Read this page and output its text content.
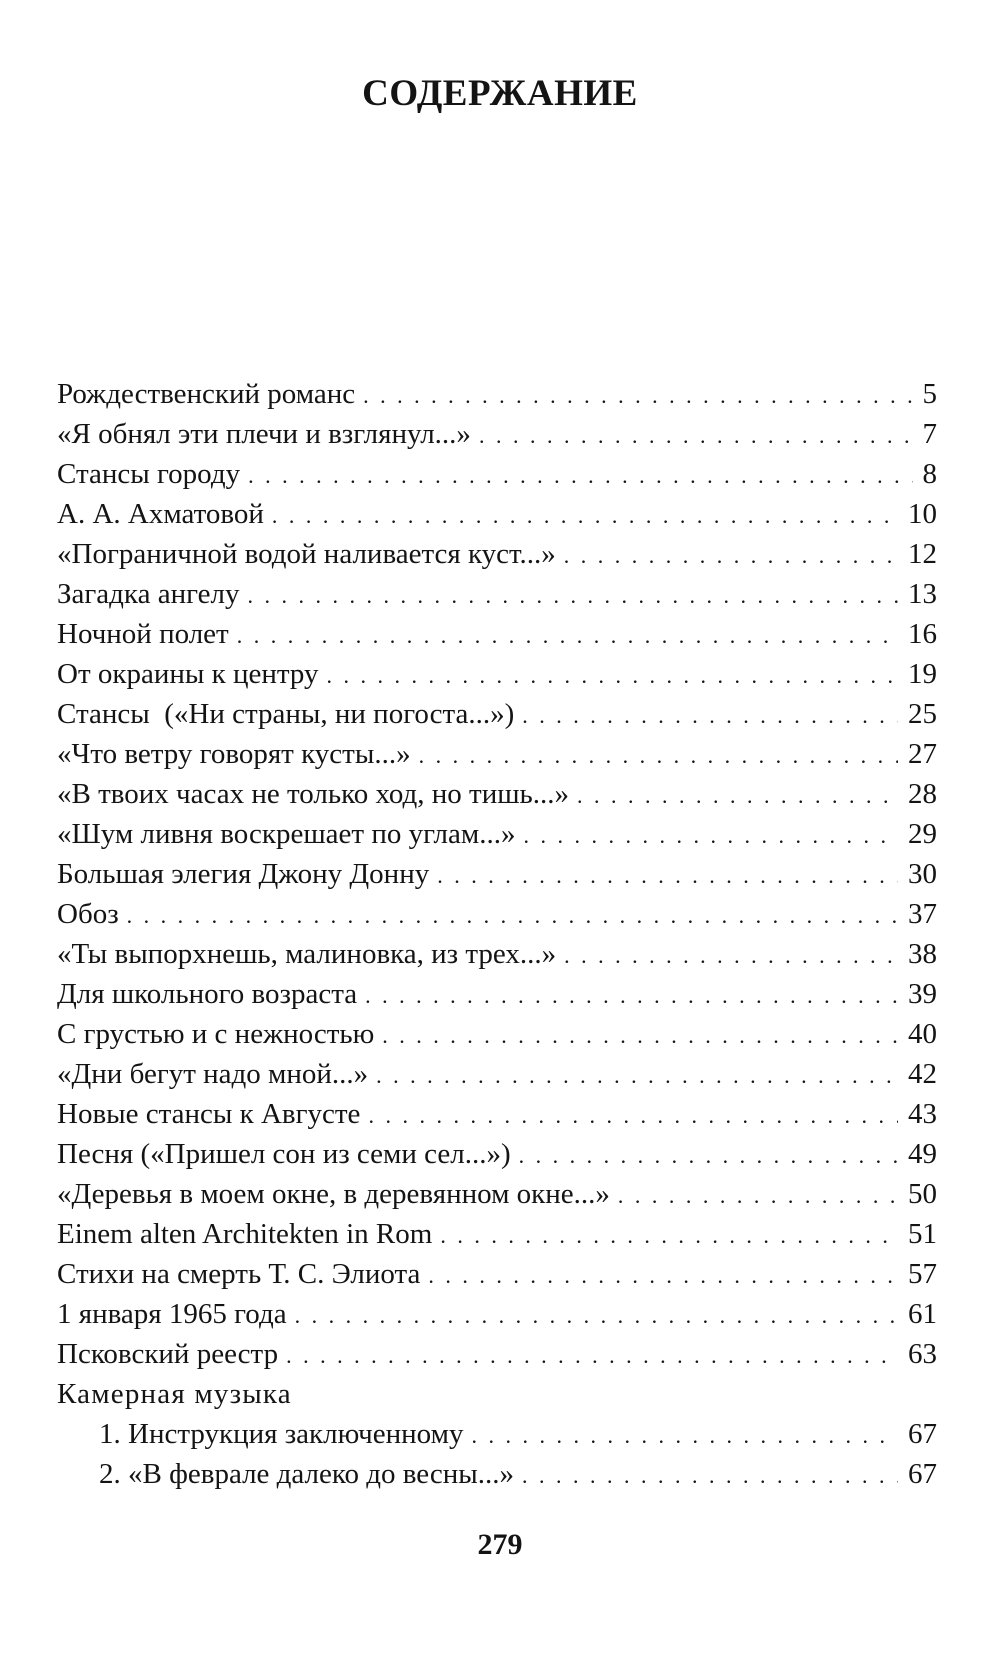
СОДЕРЖАНИЕ
Рождественский романс . . .	5
«Я обнял эти плечи и взглянул...» . . .	7
Стансы городу . . .	8
А. А. Ахматовой . . .	10
«Пограничной водой наливается куст...» . . .	12
Загадка ангелу . . .	13
Ночной полет . . .	16
От окраины к центру . . .	19
Стансы  («Ни страны, ни погоста...») . . .	25
«Что ветру говорят кусты...» . . .	27
«В твоих часах не только ход, но тишь...» . . .	28
«Шум ливня воскрешает по углам...» . . .	29
Большая элегия Джону Донну . . .	30
Обоз . . .	37
«Ты выпорхнешь, малиновка, из трех...» . . .	38
Для школьного возраста . . .	39
С грустью и с нежностью . . .	40
«Дни бегут надо мной...» . . .	42
Новые стансы к Августе . . .	43
Песня («Пришел сон из семи сел...») . . .	49
«Деревья в моем окне, в деревянном окне...» . . .	50
Einem alten Architekten in Rom . . .	51
Стихи на смерть Т. С. Элиота . . .	57
1 января 1965 года . . .	61
Псковский реестр . . .	63
Камерная музыка
1. Инструкция заключенному . . .	67
2. «В феврале далеко до весны...» . . .	67
279
